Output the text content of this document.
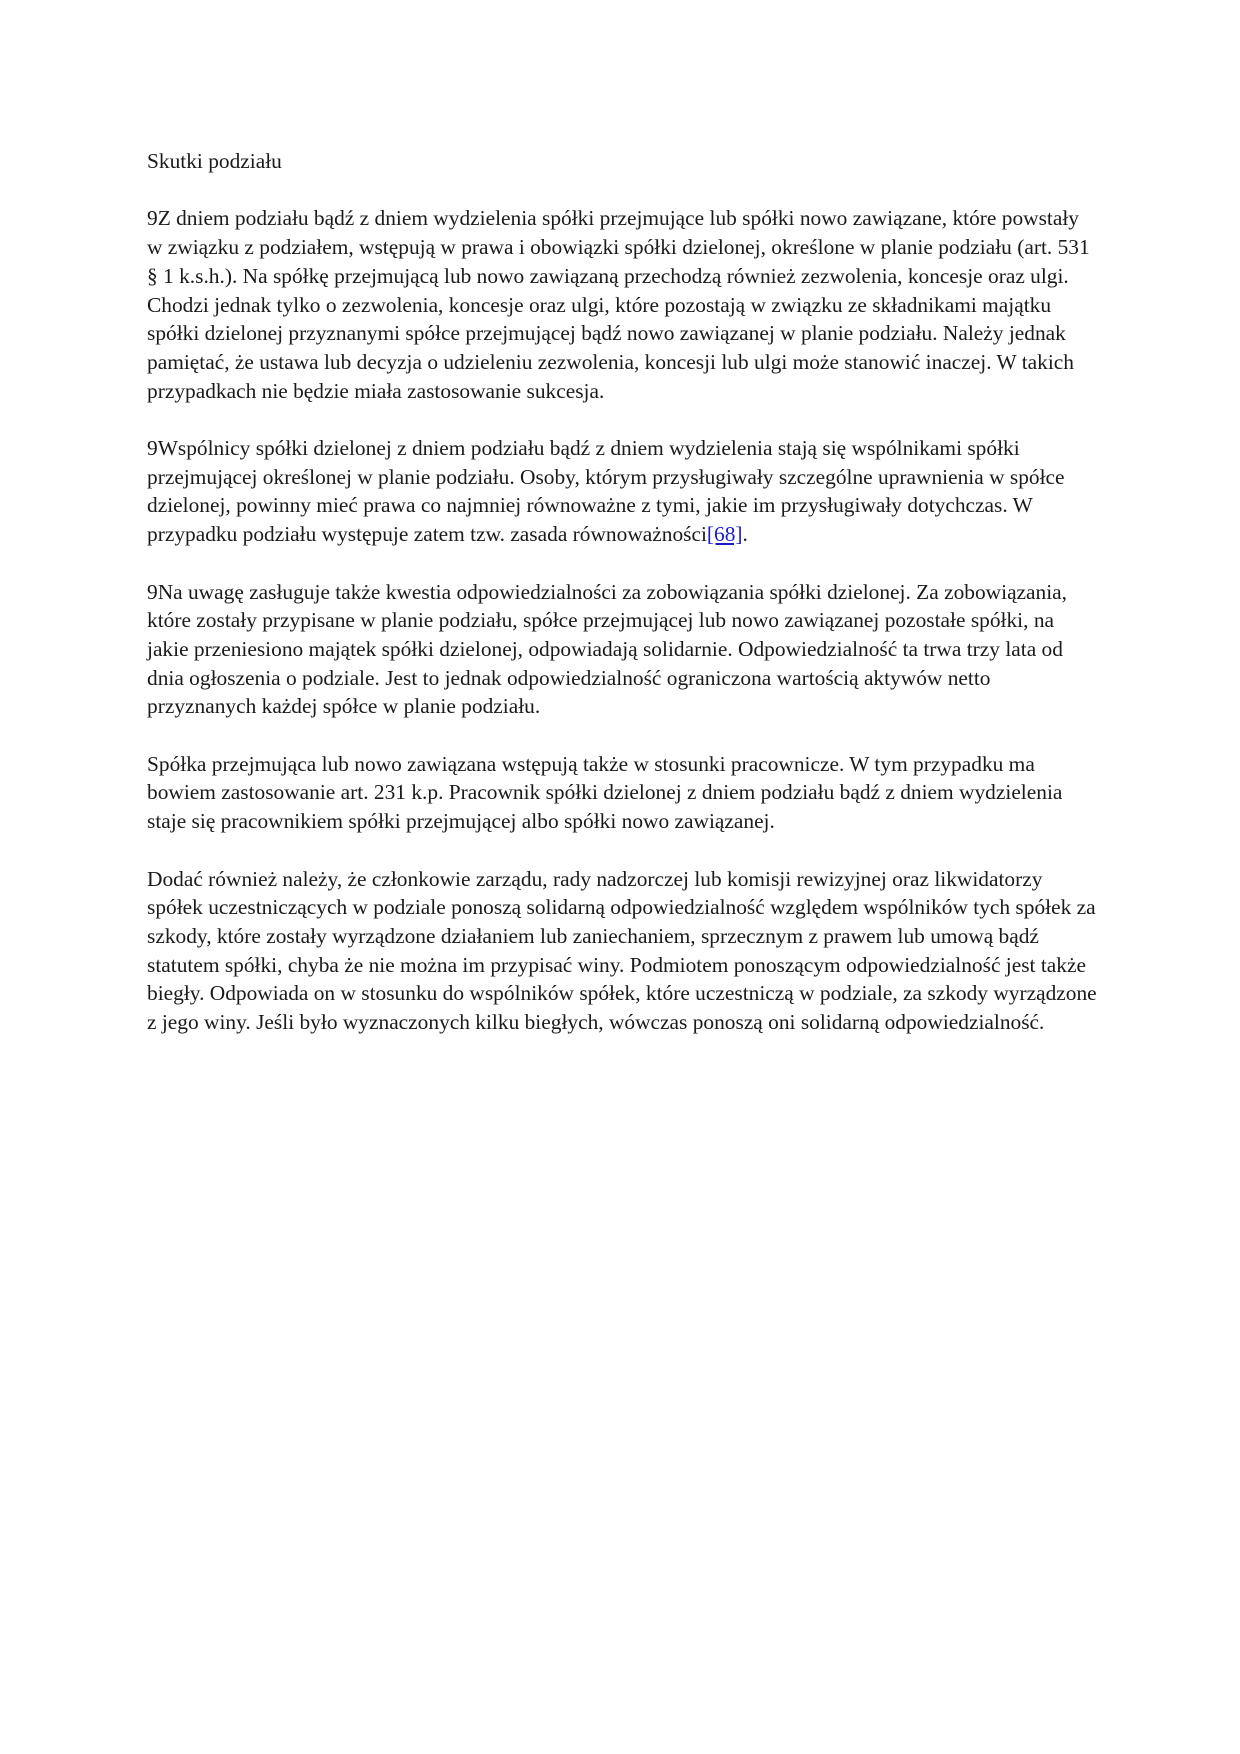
Skutki podziału

9Z dniem podziału bądź z dniem wydzielenia spółki przejmujące lub spółki nowo zawiązane, które powstały w związku z podziałem, wstępują w prawa i obowiązki spółki dzielonej, określone w planie podziału (art. 531 § 1 k.s.h.). Na spółkę przejmującą lub nowo zawiązaną przechodzą również zezwolenia, koncesje oraz ulgi. Chodzi jednak tylko o zezwolenia, koncesje oraz ulgi, które pozostają w związku ze składnikami majątku spółki dzielonej przyznanymi spółce przejmującej bądź nowo zawiązanej w planie podziału. Należy jednak pamiętać, że ustawa lub decyzja o udzieleniu zezwolenia, koncesji lub ulgi może stanowić inaczej. W takich przypadkach nie będzie miała zastosowanie sukcesja.

9Wspólnicy spółki dzielonej z dniem podziału bądź z dniem wydzielenia stają się wspólnikami spółki przejmującej określonej w planie podziału. Osoby, którym przysługiwały szczególne uprawnienia w spółce dzielonej, powinny mieć prawa co najmniej równoważne z tymi, jakie im przysługiwały dotychczas. W przypadku podziału występuje zatem tzw. zasada równoważności[68].

9Na uwagę zasługuje także kwestia odpowiedzialności za zobowiązania spółki dzielonej. Za zobowiązania, które zostały przypisane w planie podziału, spółce przejmującej lub nowo zawiązanej pozostałe spółki, na jakie przeniesiono majątek spółki dzielonej, odpowiadają solidarnie. Odpowiedzialność ta trwa trzy lata od dnia ogłoszenia o podziale. Jest to jednak odpowiedzialność ograniczona wartością aktywów netto przyznanych każdej spółce w planie podziału.

Spółka przejmująca lub nowo zawiązana wstępują także w stosunki pracownicze. W tym przypadku ma bowiem zastosowanie art. 231 k.p. Pracownik spółki dzielonej z dniem podziału bądź z dniem wydzielenia staje się pracownikiem spółki przejmującej albo spółki nowo zawiązanej.

Dodać również należy, że członkowie zarządu, rady nadzorczej lub komisji rewizyjnej oraz likwidatorzy spółek uczestniczących w podziale ponoszą solidarną odpowiedzialność względem wspólników tych spółek za szkody, które zostały wyrządzone działaniem lub zaniechaniem, sprzecznym z prawem lub umową bądź statutem spółki, chyba że nie można im przypisać winy. Podmiotem ponoszącym odpowiedzialność jest także biegły. Odpowiada on w stosunku do wspólników spółek, które uczestniczą w podziale, za szkody wyrządzone z jego winy. Jeśli było wyznaczonych kilku biegłych, wówczas ponoszą oni solidarną odpowiedzialność.
